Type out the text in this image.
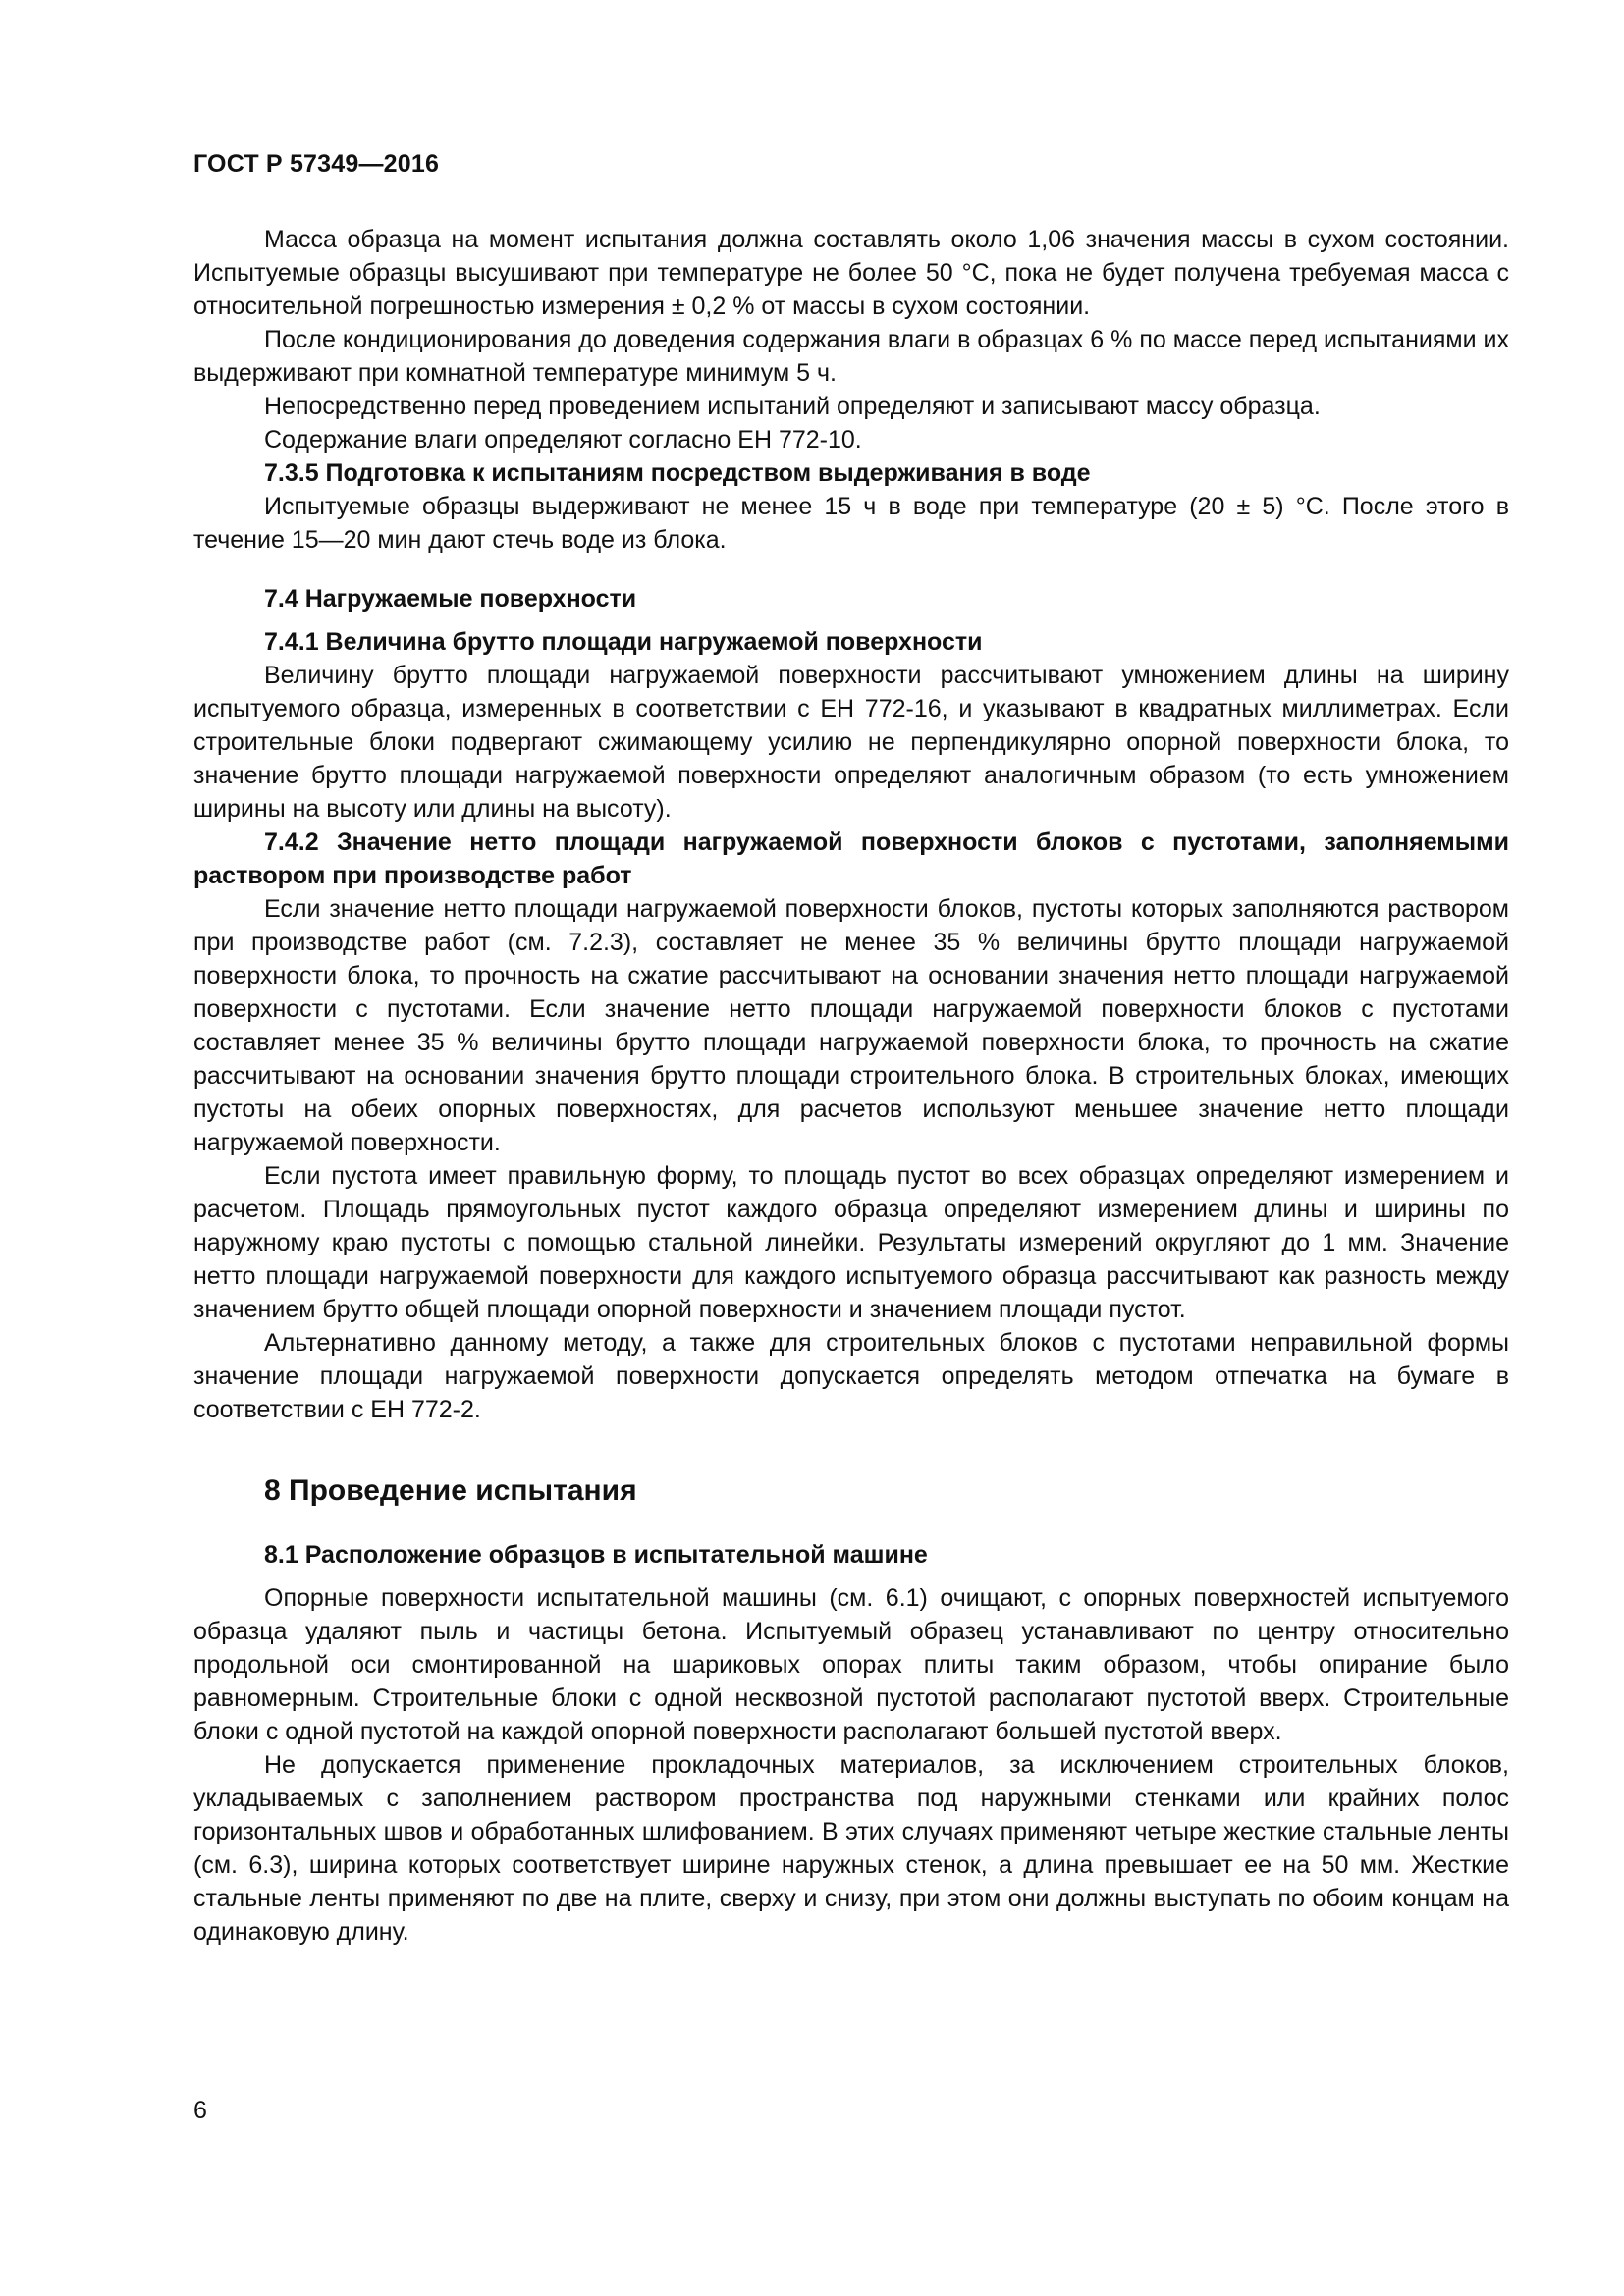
ГОСТ Р 57349—2016

Масса образца на момент испытания должна составлять около 1,06 значения массы в сухом состоянии. Испытуемые образцы высушивают при температуре не более 50 °С, пока не будет получена требуемая масса с относительной погрешностью измерения ± 0,2 % от массы в сухом состоянии.

После кондиционирования до доведения содержания влаги в образцах 6 % по массе перед испытаниями их выдерживают при комнатной температуре минимум 5 ч.

Непосредственно перед проведением испытаний определяют и записывают массу образца.

Содержание влаги определяют согласно ЕН 772-10.

7.3.5 Подготовка к испытаниям посредством выдерживания в воде

Испытуемые образцы выдерживают не менее 15 ч в воде при температуре (20 ± 5) °С. После этого в течение 15—20 мин дают стечь воде из блока.

7.4 Нагружаемые поверхности

7.4.1 Величина брутто площади нагружаемой поверхности

Величину брутто площади нагружаемой поверхности рассчитывают умножением длины на ширину испытуемого образца, измеренных в соответствии с ЕН 772-16, и указывают в квадратных миллиметрах. Если строительные блоки подвергают сжимающему усилию не перпендикулярно опорной поверхности блока, то значение брутто площади нагружаемой поверхности определяют аналогичным образом (то есть умножением ширины на высоту или длины на высоту).

7.4.2 Значение нетто площади нагружаемой поверхности блоков с пустотами, заполняемыми раствором при производстве работ

Если значение нетто площади нагружаемой поверхности блоков, пустоты которых заполняются раствором при производстве работ (см. 7.2.3), составляет не менее 35 % величины брутто площади нагружаемой поверхности блока, то прочность на сжатие рассчитывают на основании значения нетто площади нагружаемой поверхности с пустотами. Если значение нетто площади нагружаемой поверхности блоков с пустотами составляет менее 35 % величины брутто площади нагружаемой поверхности блока, то прочность на сжатие рассчитывают на основании значения брутто площади строительного блока. В строительных блоках, имеющих пустоты на обеих опорных поверхностях, для расчетов используют меньшее значение нетто площади нагружаемой поверхности.

Если пустота имеет правильную форму, то площадь пустот во всех образцах определяют измерением и расчетом. Площадь прямоугольных пустот каждого образца определяют измерением длины и ширины по наружному краю пустоты с помощью стальной линейки. Результаты измерений округляют до 1 мм. Значение нетто площади нагружаемой поверхности для каждого испытуемого образца рассчитывают как разность между значением брутто общей площади опорной поверхности и значением площади пустот.

Альтернативно данному методу, а также для строительных блоков с пустотами неправильной формы значение площади нагружаемой поверхности допускается определять методом отпечатка на бумаге в соответствии с ЕН 772-2.

8 Проведение испытания

8.1 Расположение образцов в испытательной машине

Опорные поверхности испытательной машины (см. 6.1) очищают, с опорных поверхностей испытуемого образца удаляют пыль и частицы бетона. Испытуемый образец устанавливают по центру относительно продольной оси смонтированной на шариковых опорах плиты таким образом, чтобы опирание было равномерным. Строительные блоки с одной несквозной пустотой располагают пустотой вверх. Строительные блоки с одной пустотой на каждой опорной поверхности располагают большей пустотой вверх.

Не допускается применение прокладочных материалов, за исключением строительных блоков, укладываемых с заполнением раствором пространства под наружными стенками или крайних полос горизонтальных швов и обработанных шлифованием. В этих случаях применяют четыре жесткие стальные ленты (см. 6.3), ширина которых соответствует ширине наружных стенок, а длина превышает ее на 50 мм. Жесткие стальные ленты применяют по две на плите, сверху и снизу, при этом они должны выступать по обоим концам на одинаковую длину.

6
